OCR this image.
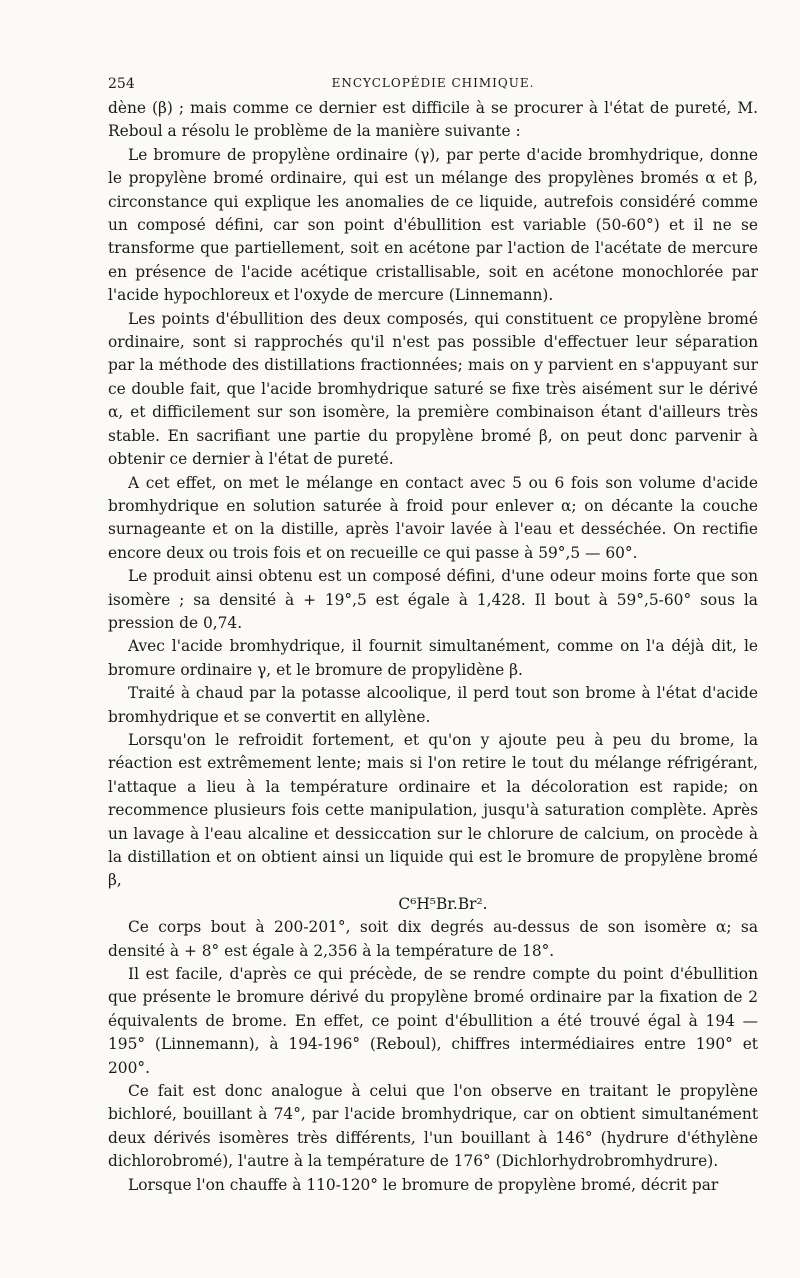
254	ENCYCLOPÉDIE CHIMIQUE.

dène (β) ; mais comme ce dernier est difficile à se procurer à l'état de pureté, M. Reboul a résolu le problème de la manière suivante :

Le bromure de propylène ordinaire (γ), par perte d'acide bromhydrique, donne le propylène bromé ordinaire, qui est un mélange des propylènes bromés α et β, circonstance qui explique les anomalies de ce liquide, autrefois considéré comme un composé défini, car son point d'ébullition est variable (50-60°) et il ne se transforme que partiellement, soit en acétone par l'action de l'acétate de mercure en présence de l'acide acétique cristallisable, soit en acétone monochlorée par l'acide hypochloreux et l'oxyde de mercure (Linnemann).

Les points d'ébullition des deux composés, qui constituent ce propylène bromé ordinaire, sont si rapprochés qu'il n'est pas possible d'effectuer leur séparation par la méthode des distillations fractionnées; mais on y parvient en s'appuyant sur ce double fait, que l'acide bromhydrique saturé se fixe très aisément sur le dérivé α, et difficilement sur son isomère, la première combinaison étant d'ailleurs très stable. En sacrifiant une partie du propylène bromé β, on peut donc parvenir à obtenir ce dernier à l'état de pureté.

A cet effet, on met le mélange en contact avec 5 ou 6 fois son volume d'acide bromhydrique en solution saturée à froid pour enlever α; on décante la couche surnageante et on la distille, après l'avoir lavée à l'eau et desséchée. On rectifie encore deux ou trois fois et on recueille ce qui passe à 59°,5 — 60°.

Le produit ainsi obtenu est un composé défini, d'une odeur moins forte que son isomère ; sa densité à + 19°,5 est égale à 1,428. Il bout à 59°,5-60° sous la pression de 0,74.

Avec l'acide bromhydrique, il fournit simultanément, comme on l'a déjà dit, le bromure ordinaire γ, et le bromure de propylidène β.

Traité à chaud par la potasse alcoolique, il perd tout son brome à l'état d'acide bromhydrique et se convertit en allylène.

Lorsqu'on le refroidit fortement, et qu'on y ajoute peu à peu du brome, la réaction est extrêmement lente; mais si l'on retire le tout du mélange réfrigérant, l'attaque a lieu à la température ordinaire et la décoloration est rapide; on recommence plusieurs fois cette manipulation, jusqu'à saturation complète. Après un lavage à l'eau alcaline et dessiccation sur le chlorure de calcium, on procède à la distillation et on obtient ainsi un liquide qui est le bromure de propylène bromé β,

C⁶H⁵Br.Br².

Ce corps bout à 200-201°, soit dix degrés au-dessus de son isomère α; sa densité à + 8° est égale à 2,356 à la température de 18°.

Il est facile, d'après ce qui précède, de se rendre compte du point d'ébullition que présente le bromure dérivé du propylène bromé ordinaire par la fixation de 2 équivalents de brome. En effet, ce point d'ébullition a été trouvé égal à 194 — 195° (Linnemann), à 194-196° (Reboul), chiffres intermédiaires entre 190° et 200°.

Ce fait est donc analogue à celui que l'on observe en traitant le propylène bichloré, bouillant à 74°, par l'acide bromhydrique, car on obtient simultanément deux dérivés isomères très différents, l'un bouillant à 146° (hydrure d'éthylène dichlorobromé), l'autre à la température de 176° (Dichlorhydrobromhydrure).

Lorsque l'on chauffe à 110-120° le bromure de propylène bromé, décrit par
